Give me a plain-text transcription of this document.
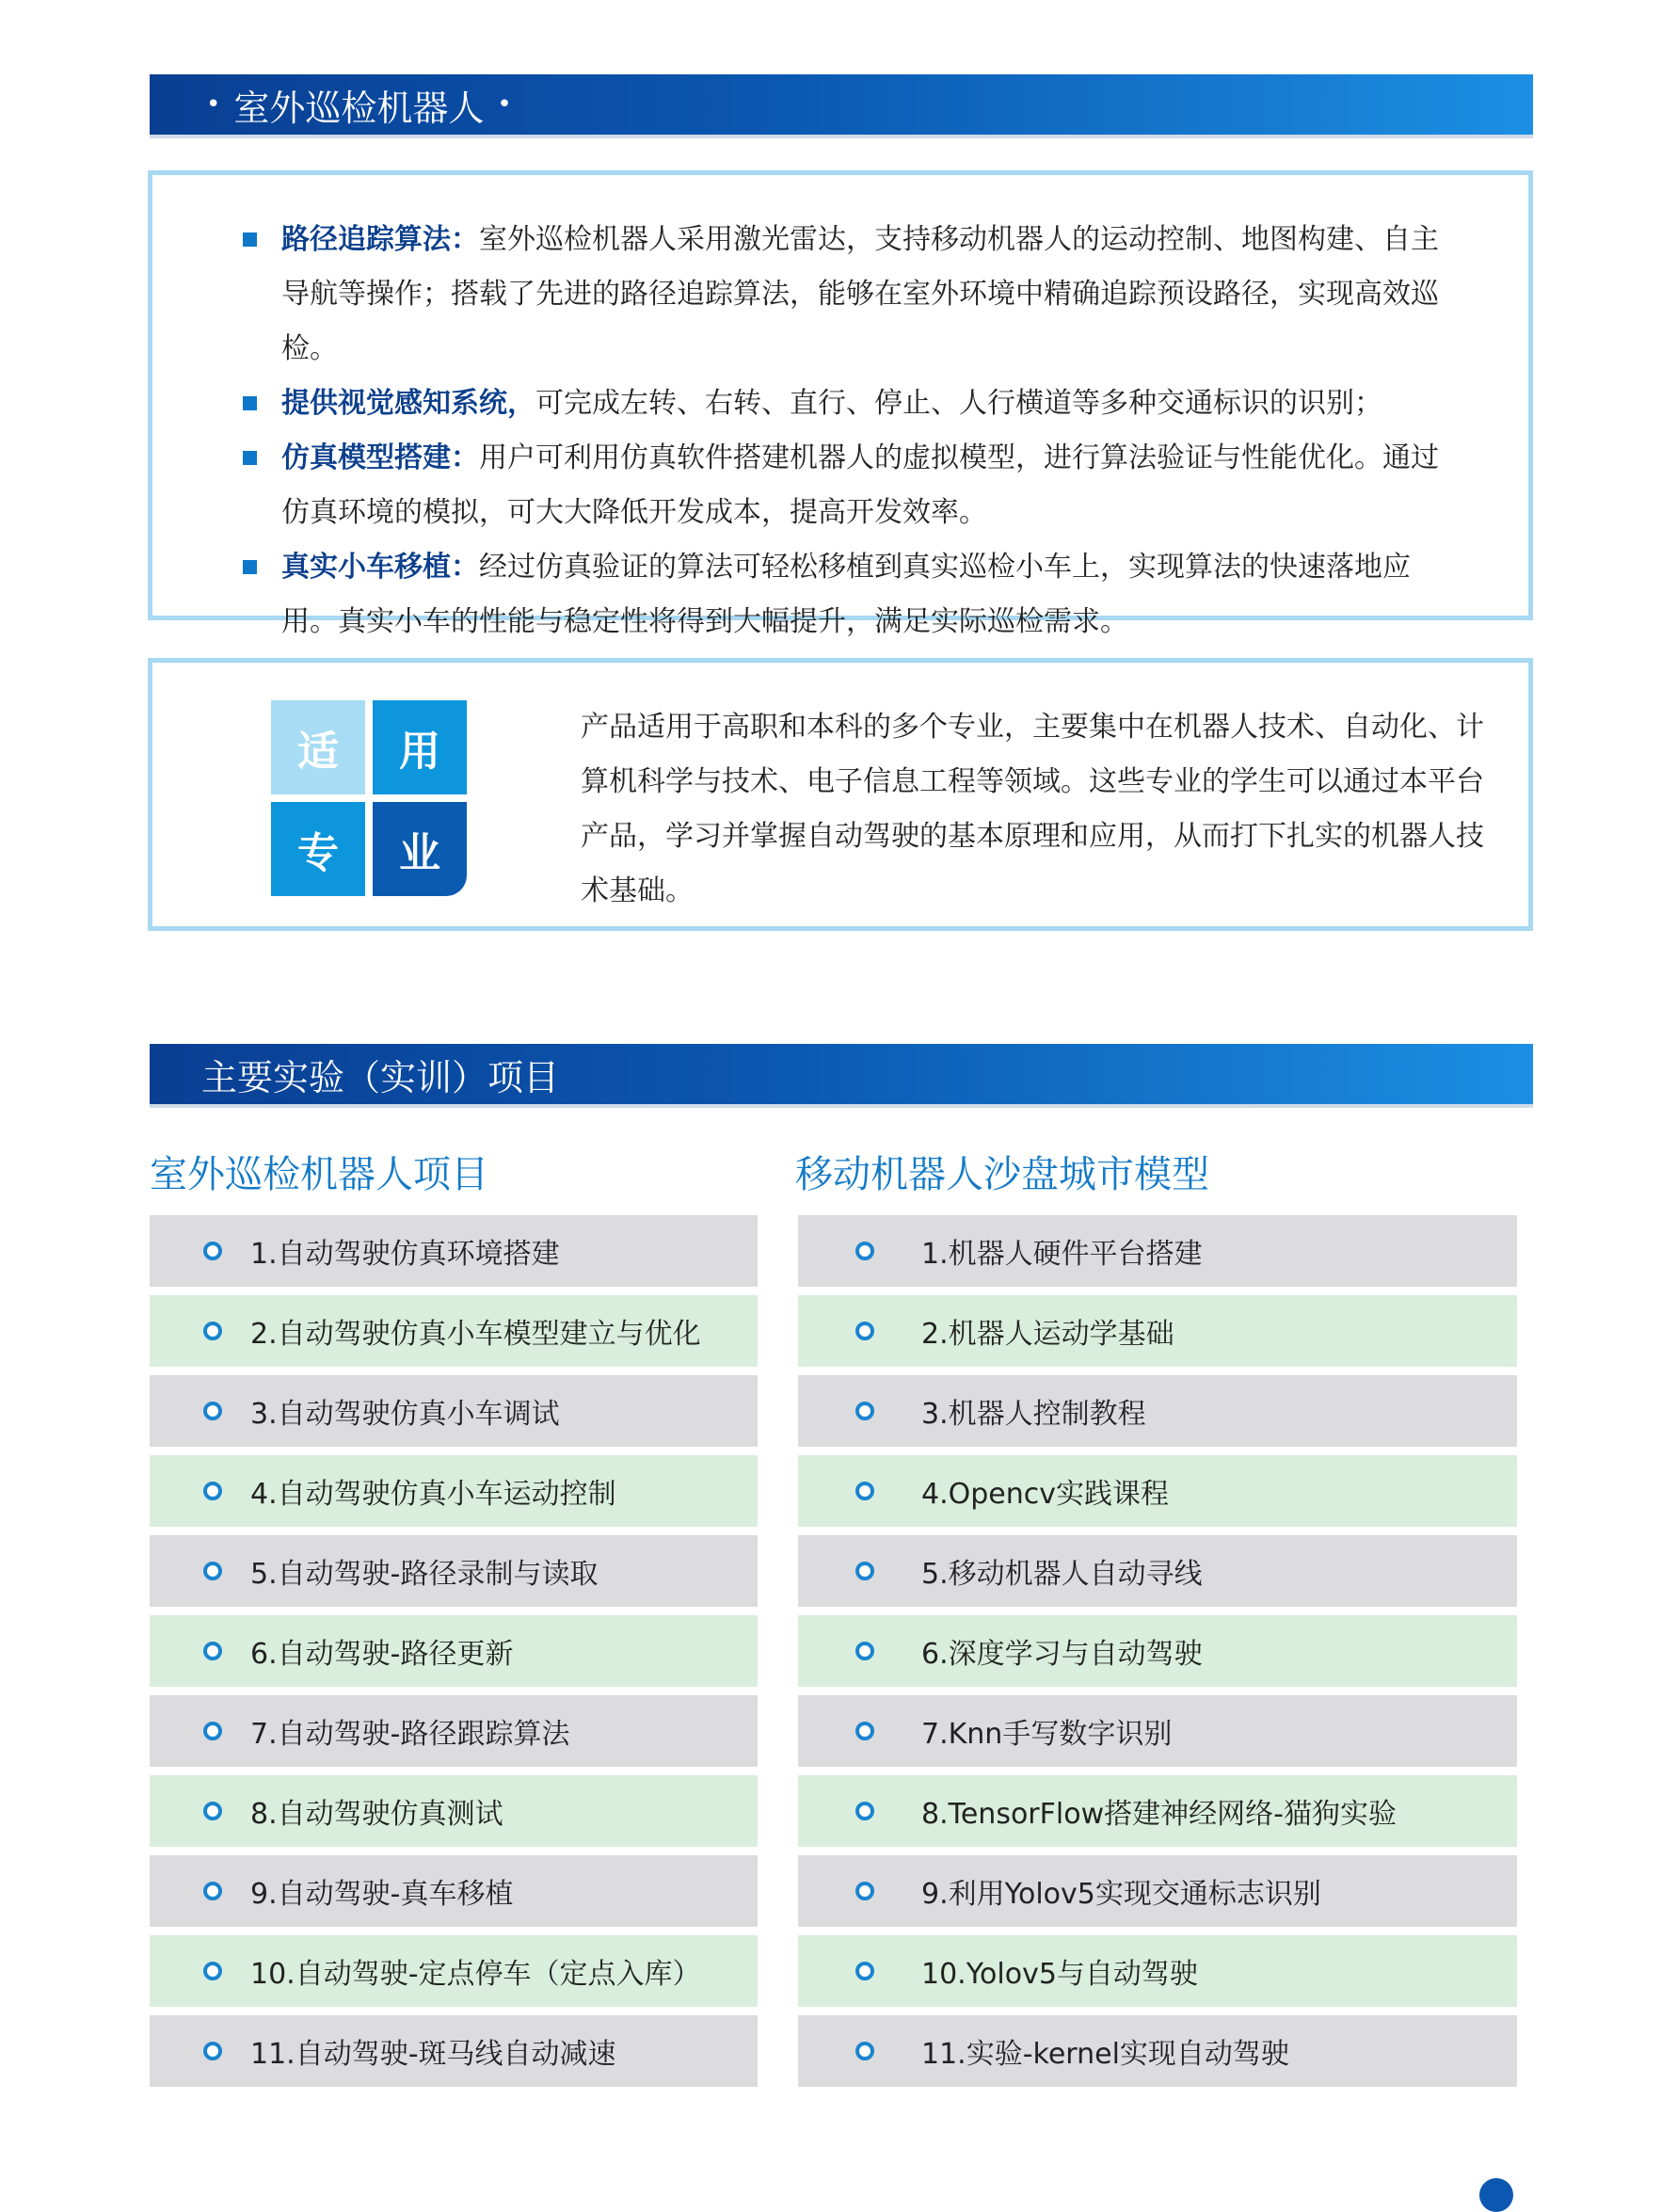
• 室外巡检机器人 •
路径追踪算法：室外巡检机器人采用激光雷达，支持移动机器人的运动控制、地图构建、自主导航等操作；搭载了先进的路径追踪算法，能够在室外环境中精确追踪预设路径，实现高效巡检。
提供视觉感知系统，可完成左转、右转、直行、停止、人行横道等多种交通标识的识别；
仿真模型搭建：用户可利用仿真软件搭建机器人的虚拟模型，进行算法验证与性能优化。通过仿真环境的模拟，可大大降低开发成本，提高开发效率。
真实小车移植：经过仿真验证的算法可轻松移植到真实巡检小车上，实现算法的快速落地应用。真实小车的性能与稳定性将得到大幅提升，满足实际巡检需求。
适	用
专	业
产品适用于高职和本科的多个专业，主要集中在机器人技术、自动化、计算机科学与技术、电子信息工程等领域。这些专业的学生可以通过本平台产品，学习并掌握自动驾驶的基本原理和应用，从而打下扎实的机器人技术基础。
主要实验（实训）项目
室外巡检机器人项目	移动机器人沙盘城市模型
1.自动驾驶仿真环境搭建
2.自动驾驶仿真小车模型建立与优化
3.自动驾驶仿真小车调试
4.自动驾驶仿真小车运动控制
5.自动驾驶-路径录制与读取
6.自动驾驶-路径更新
7.自动驾驶-路径跟踪算法
8.自动驾驶仿真测试
9.自动驾驶-真车移植
10.自动驾驶-定点停车（定点入库）
11.自动驾驶-斑马线自动减速
1.机器人硬件平台搭建
2.机器人运动学基础
3.机器人控制教程
4.Opencv实践课程
5.移动机器人自动寻线
6.深度学习与自动驾驶
7.Knn手写数字识别
8.TensorFlow搭建神经网络-猫狗实验
9.利用Yolov5实现交通标志识别
10.Yolov5与自动驾驶
11.实验-kernel实现自动驾驶
